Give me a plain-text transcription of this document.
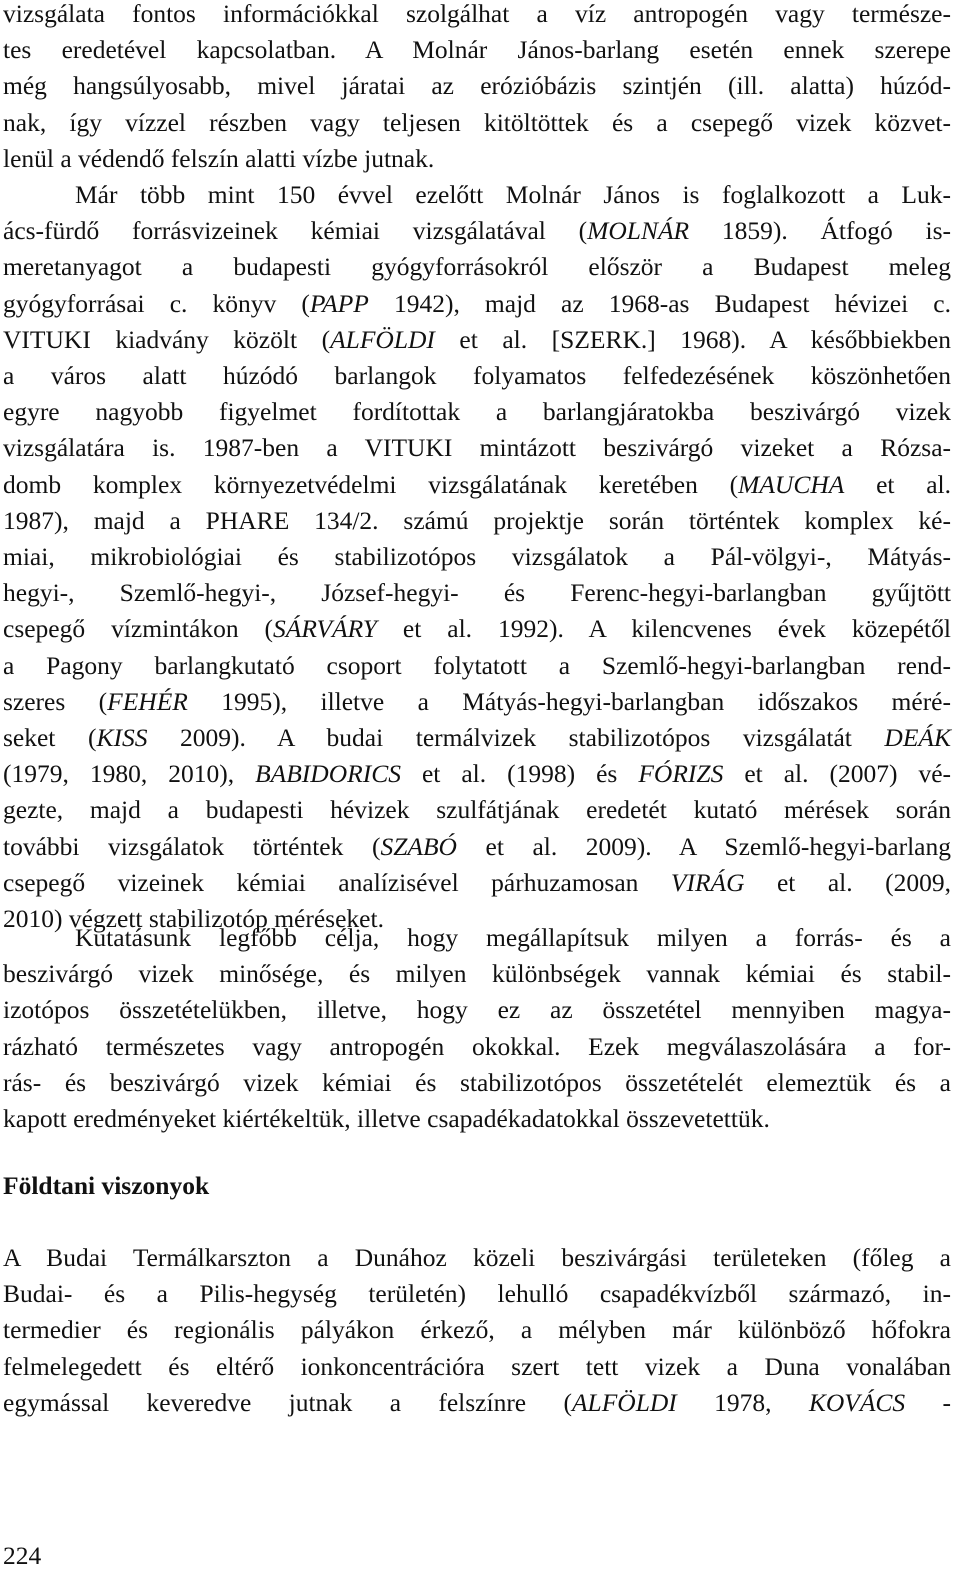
vizsgálata fontos információkkal szolgálhat a víz antropogén vagy természe-
tes eredetével kapcsolatban. A Molnár János-barlang esetén ennek szerepe
még hangsúlyosabb, mivel járatai az erózióbázis szintjén (ill. alatta) húzód-
nak, így vízzel részben vagy teljesen kitöltöttek és a csepegő vizek közvet-
lenül a védendő felszín alatti vízbe jutnak.
Már több mint 150 évvel ezelőtt Molnár János is foglalkozott a Luk-
ács-fürdő forrásvizeinek kémiai vizsgálatával (MOLNÁR 1859). Átfogó is-
meretanyagot a budapesti gyógyforrásokról először a Budapest meleg
gyógyforrásai c. könyv (PAPP 1942), majd az 1968-as Budapest hévizei c.
VITUKI kiadvány közölt (ALFÖLDI et al. [SZERK.] 1968). A későbbiekben
a város alatt húzódó barlangok folyamatos felfedezésének köszönhetően
egyre nagyobb figyelmet fordítottak a barlangjáratokba beszivárgó vizek
vizsgálatára is. 1987-ben a VITUKI mintázott beszivárgó vizeket a Rózsa-
domb komplex környezetvédelmi vizsgálatának keretében (MAUCHA et al.
1987), majd a PHARE 134/2. számú projektje során történtek komplex ké-
miai, mikrobiológiai és stabilizotópos vizsgálatok a Pál-völgyi-, Mátyás-
hegyi-, Szemlő-hegyi-, József-hegyi- és Ferenc-hegyi-barlangban gyűjtött
csepegő vízmintákon (SÁRVÁRY et al. 1992). A kilencvenes évek közepétől
a Pagony barlangkutató csoport folytatott a Szemlő-hegyi-barlangban rend-
szeres (FEHÉR 1995), illetve a Mátyás-hegyi-barlangban időszakos méré-
seket (KISS 2009). A budai termálvizek stabilizotópos vizsgálatát DEÁK
(1979, 1980, 2010), BABIDORICS et al. (1998) és FÓRIZS et al. (2007) vé-
gezte, majd a budapesti hévizek szulfátjának eredetét kutató mérések során
további vizsgálatok történtek (SZABÓ et al. 2009). A Szemlő-hegyi-barlang
csepegő vizeinek kémiai analízisével párhuzamosan VIRÁG et al. (2009,
2010) végzett stabilizotóp méréseket.
Kutatásunk legfőbb célja, hogy megállapítsuk milyen a forrás- és a
beszivárgó vizek minősége, és milyen különbségek vannak kémiai és stabil-
izotópos összetételükben, illetve, hogy ez az összetétel mennyiben magya-
rázható természetes vagy antropogén okokkal. Ezek megválaszolására a for-
rás- és beszivárgó vizek kémiai és stabilizotópos összetételét elemeztük és a
kapott eredményeket kiértékeltük, illetve csapadékadatokkal összevetettük.
Földtani viszonyok
A Budai Termálkarszton a Dunához közeli beszivárgási területeken (főleg a
Budai- és a Pilis-hegység területén) lehulló csapadékvízből származó, in-
termedier és regionális pályákon érkező, a mélyben már különböző hőfokra
felmelegedett és eltérő ionkoncentrációra szert tett vizek a Duna vonalában
egymással keveredve jutnak a felszínre (ALFÖLDI 1978, KOVÁCS -
224
